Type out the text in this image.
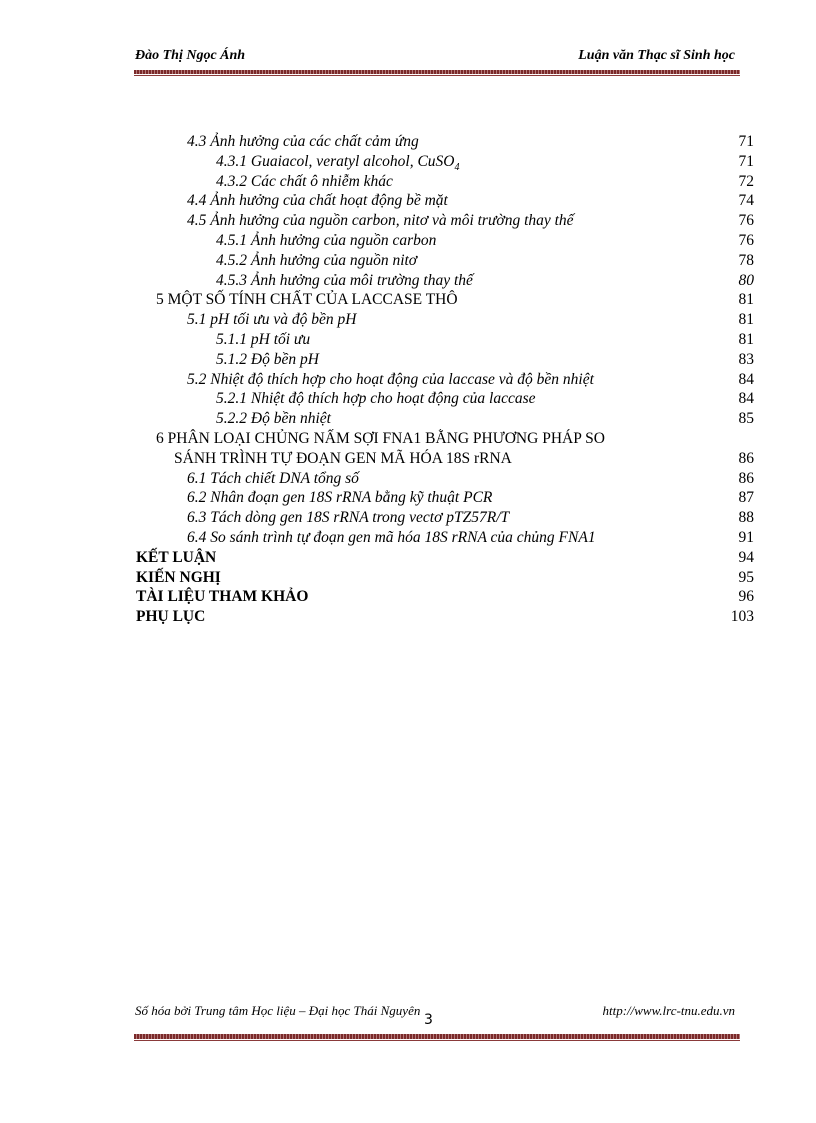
Đào Thị Ngọc Ánh	Luận văn Thạc sĩ Sinh học
4.3 Ảnh hưởng của các chất cảm ứng	71
4.3.1 Guaiacol, veratyl alcohol, CuSO$_4$	71
4.3.2 Các chất ô nhiễm khác	72
4.4 Ảnh hưởng của chất hoạt động bề mặt	74
4.5 Ảnh hưởng của nguồn carbon, nitơ và môi trường thay thế	76
4.5.1 Ảnh hưởng của nguồn carbon	76
4.5.2 Ảnh hưởng của nguồn nitơ	78
4.5.3 Ảnh hưởng của môi trường thay thế	80
5 MỘT SỐ TÍNH CHẤT CỦA LACCASE THÔ	81
5.1 pH tối ưu và độ bền pH	81
5.1.1 pH tối ưu	81
5.1.2 Độ bền pH	83
5.2 Nhiệt độ thích hợp cho hoạt động của laccase và độ bền nhiệt	84
5.2.1 Nhiệt độ thích hợp cho hoạt động của laccase	84
5.2.2 Độ bền nhiệt	85
6 PHÂN LOẠI CHỦNG NẤM SỢI FNA1 BẰNG PHƯƠNG PHÁP SO
SÁNH TRÌNH TỰ ĐOẠN GEN MÃ HÓA 18S rRNA	86
6.1 Tách chiết DNA tổng số	86
6.2 Nhân đoạn gen 18S rRNA bằng kỹ thuật PCR	87
6.3 Tách dòng gen 18S rRNA trong vectơ pTZ57R/T	88
6.4 So sánh trình tự đoạn gen mã hóa 18S rRNA của chủng FNA1	91
KẾT LUẬN	94
KIẾN NGHỊ	95
TÀI LIỆU THAM KHẢO	96
PHỤ LỤC	103
Số hóa bởi Trung tâm Học liệu – Đại học Thái Nguyên	http://www.lrc-tnu.edu.vn
3
